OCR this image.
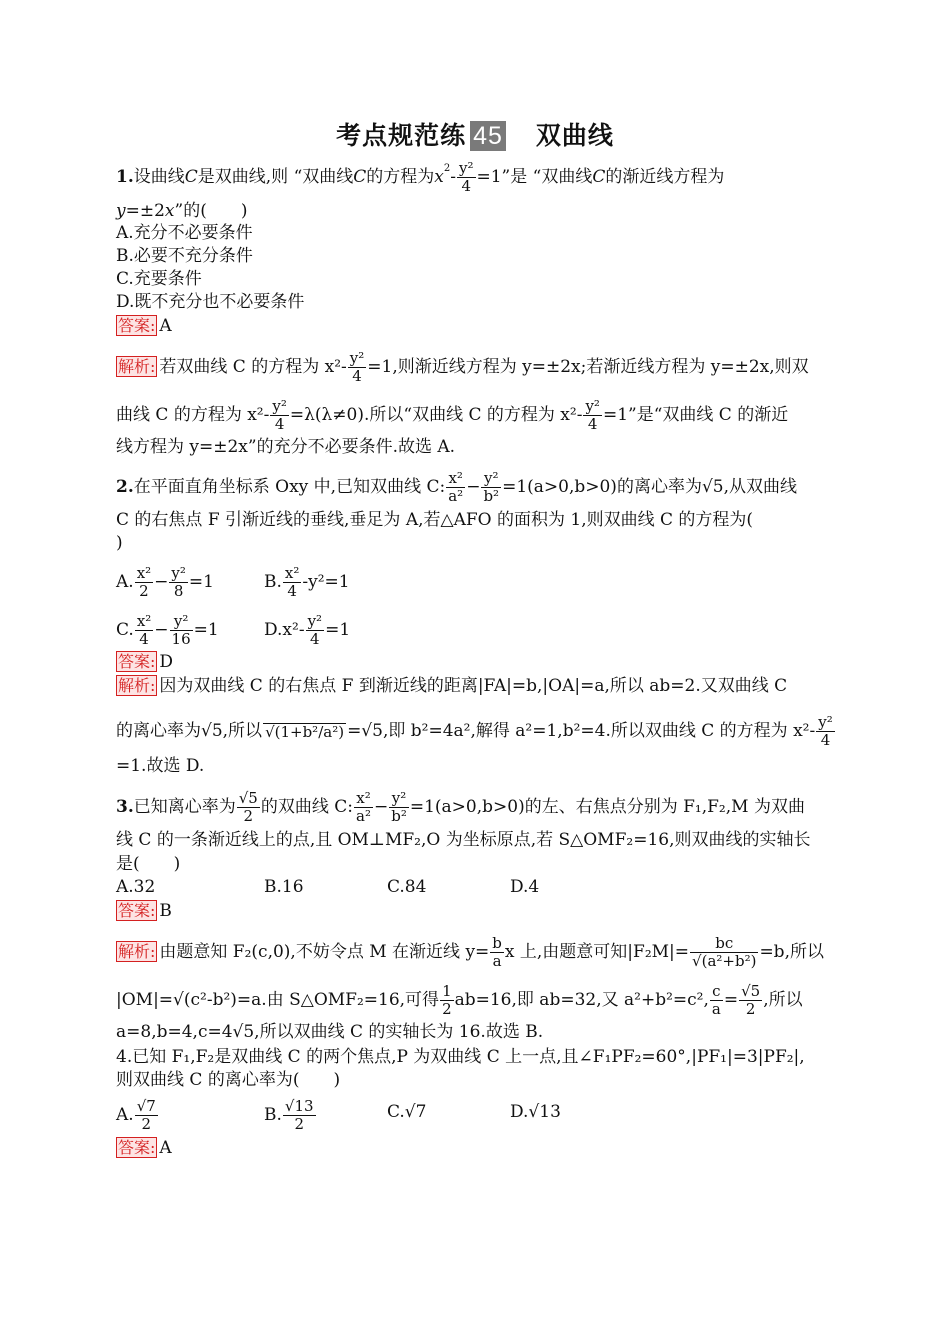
考点规范练 45 双曲线
1.设曲线C是双曲线,则 “双曲线C的方程为$x^2- \frac{\text{y²}}{4} =1$”是 “双曲线C的渐近线方程为
y=±2x”的(　　)
A.充分不必要条件
B.必要不充分条件
C.充要条件
D.既不充分也不必要条件
答案: A
解析: 若双曲线 C 的方程为 $x^2- \frac{\text{y²}}{4} =1$,则渐近线方程为 y=±2x;若渐近线方程为 y=±2x,则双
曲线 C 的方程为 $x^2- \frac{\text{y²}}{4} =\lambda(\lambda\ne 0)$.所以“双曲线 C 的方程为 $x^2- \frac{\text{y²}}{4} =1$”是“双曲线 C 的渐近
线方程为 y=±2x”的充分不必要条件.故选 A.
2.在平面直角坐标系 Oxy 中,已知双曲线 C: $\frac{\text{x²}}{\text{a²}} - \frac{\text{y²}}{\text{b²}} =1(a>0,b>0)$的离心率为√5,从双曲线
C 的右焦点 F 引渐近线的垂线,垂足为 A,若△AFO 的面积为 1,则双曲线 C 的方程为(
)
A. $\frac{\text{x²}}{2} - \frac{\text{y²}}{8} =1$	B. $\frac{\text{x²}}{4} -y^2=1$
C. $\frac{\text{x²}}{4} - \frac{\text{y²}}{16} =1$	$D.x^2- \frac{\text{y²}}{4} =1$
答案: D
解析: 因为双曲线 C 的右焦点 F 到渐近线的距离|FA|=b,|OA|=a,所以 ab=2.又双曲线 C
的离心率为√5,所以 √(1+b²/a²) =√5,即 b²=4a²,解得 a²=1,b²=4.所以双曲线 C 的方程为 $x^2- \frac{\text{y²}}{4}$
=1.故选 D.
3.已知离心率为 $\frac{√5}{2}$ 的双曲线 C: $\frac{\text{x²}}{\text{a²}} - \frac{\text{y²}}{\text{b²}} =1(a>0,b>0)$的左、右焦点分别为 F₁,F₂,M 为双曲
线 C 的一条渐近线上的点,且 OM⊥MF₂,O 为坐标原点,若 S△OMF₂=16,则双曲线的实轴长
是(　　)
A.32	B.16	C.84	D.4
答案: B
解析: 由题意知 F₂(c,0),不妨令点 M 在渐近线 $y= \frac{b}{a}$ x 上,由题意可知$|F_2M|= \frac{bc}{\text{√(a²+b²)}} =b$,所以
|OM|=√(c²-b²)=a.由 S△OMF₂=16,可得 $\frac{1}{2} ab=16$,即 ab=32,又 a²+b²=c², $\frac{c}{a} = \frac{√5}{2}$ ,所以
a=8,b=4,c=4√5,所以双曲线 C 的实轴长为 16.故选 B.
4.已知 F₁,F₂是双曲线 C 的两个焦点,P 为双曲线 C 上一点,且∠F₁PF₂=60°,|PF₁|=3|PF₂|,
则双曲线 C 的离心率为(　　)
A. $\frac{√7}{2}$	B. $\frac{√13}{2}$	C.√7	D.√13
答案: A
